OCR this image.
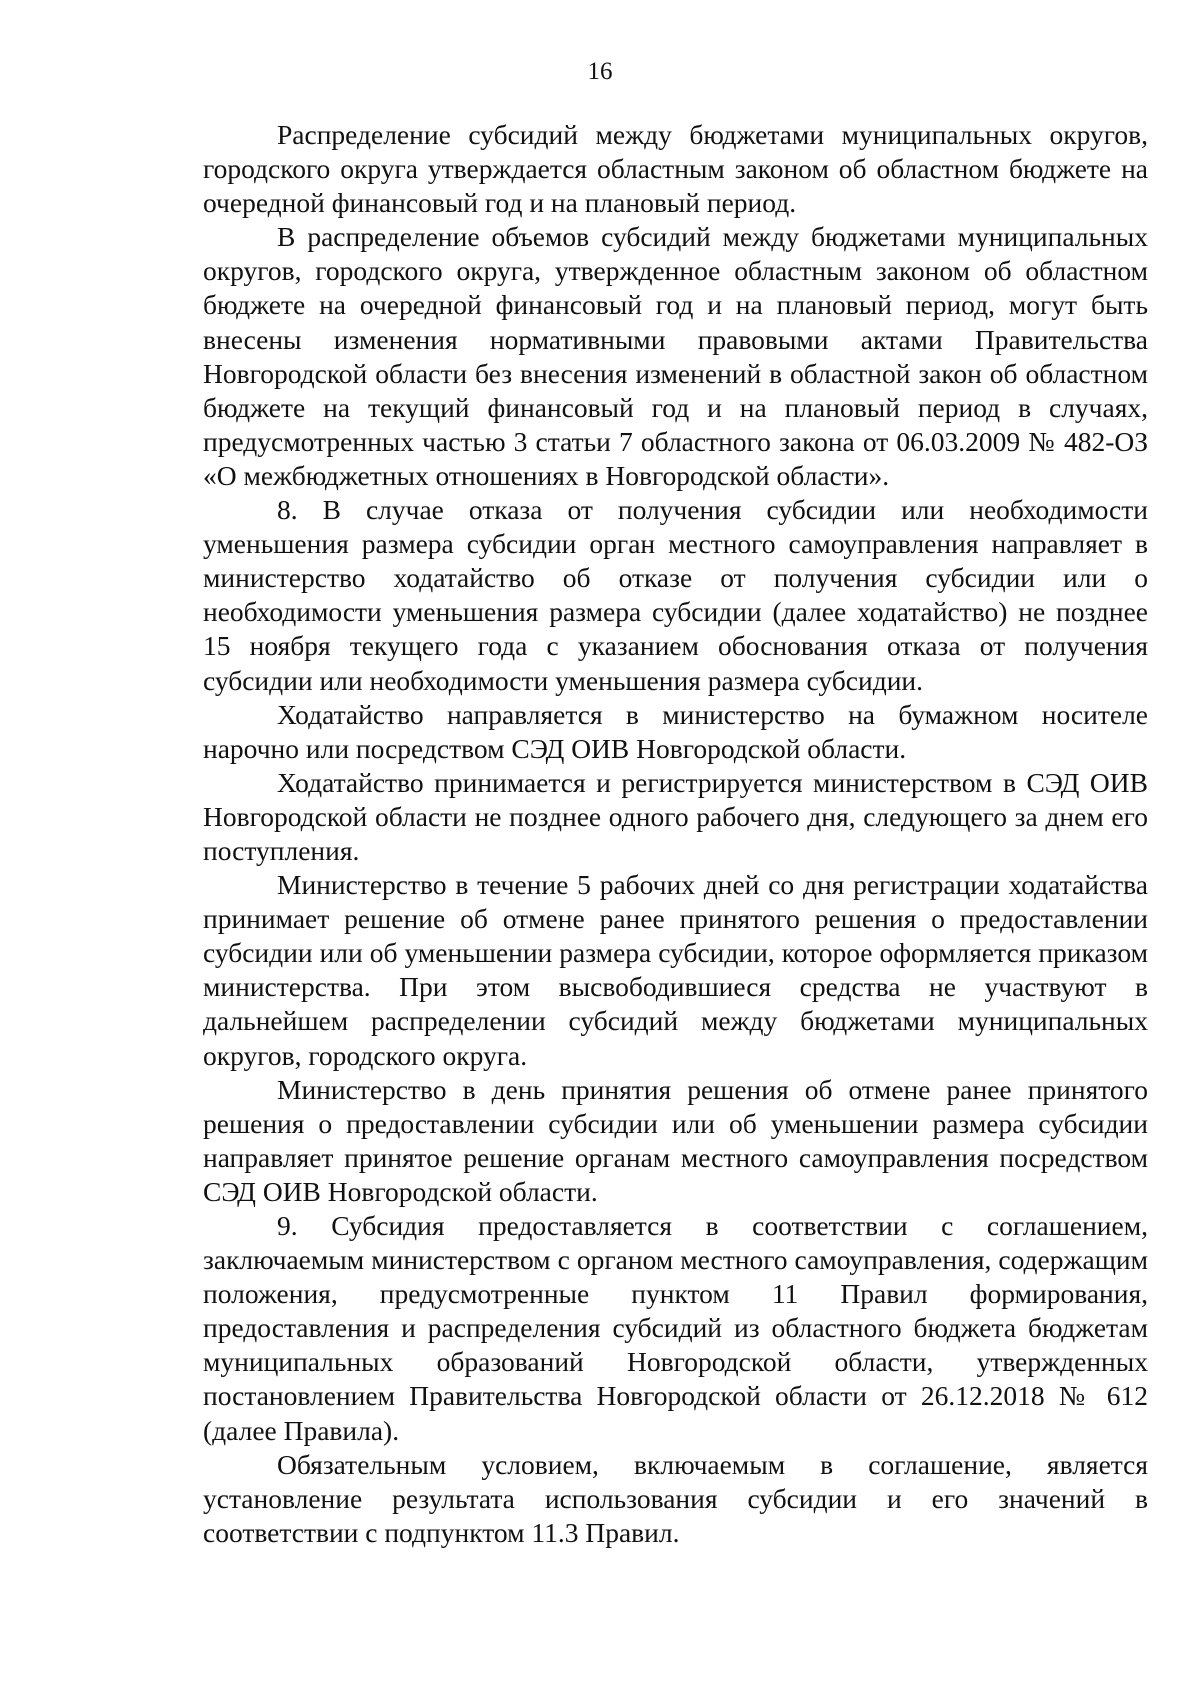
16

Распределение субсидий между бюджетами муниципальных округов, городского округа утверждается областным законом об областном бюджете на очередной финансовый год и на плановый период.

В распределение объемов субсидий между бюджетами муниципальных округов, городского округа, утвержденное областным законом об областном бюджете на очередной финансовый год и на плановый период, могут быть внесены изменения нормативными правовыми актами Правительства Новгородской области без внесения изменений в областной закон об областном бюджете на текущий финансовый год и на плановый период в случаях, предусмотренных частью 3 статьи 7 областного закона от 06.03.2009 № 482-ОЗ «О межбюджетных отношениях в Новгородской области».

8. В случае отказа от получения субсидии или необходимости уменьшения размера субсидии орган местного самоуправления направляет в министерство ходатайство об отказе от получения субсидии или о необходимости уменьшения размера субсидии (далее ходатайство) не позднее 15 ноября текущего года с указанием обоснования отказа от получения субсидии или необходимости уменьшения размера субсидии.

Ходатайство направляется в министерство на бумажном носителе нарочно или посредством СЭД ОИВ Новгородской области.

Ходатайство принимается и регистрируется министерством в СЭД ОИВ Новгородской области не позднее одного рабочего дня, следующего за днем его поступления.

Министерство в течение 5 рабочих дней со дня регистрации ходатайства принимает решение об отмене ранее принятого решения о предоставлении субсидии или об уменьшении размера субсидии, которое оформляется приказом министерства. При этом высвободившиеся средства не участвуют в дальнейшем распределении субсидий между бюджетами муниципальных округов, городского округа.

Министерство в день принятия решения об отмене ранее принятого решения о предоставлении субсидии или об уменьшении размера субсидии направляет принятое решение органам местного самоуправления посредством СЭД ОИВ Новгородской области.

9. Субсидия предоставляется в соответствии с соглашением, заключаемым министерством с органом местного самоуправления, содержащим положения, предусмотренные пунктом 11 Правил формирования, предоставления и распределения субсидий из областного бюджета бюджетам муниципальных образований Новгородской области, утвержденных постановлением Правительства Новгородской области от 26.12.2018 № 612 (далее Правила).

Обязательным условием, включаемым в соглашение, является установление результата использования субсидии и его значений в соответствии с подпунктом 11.3 Правил.
